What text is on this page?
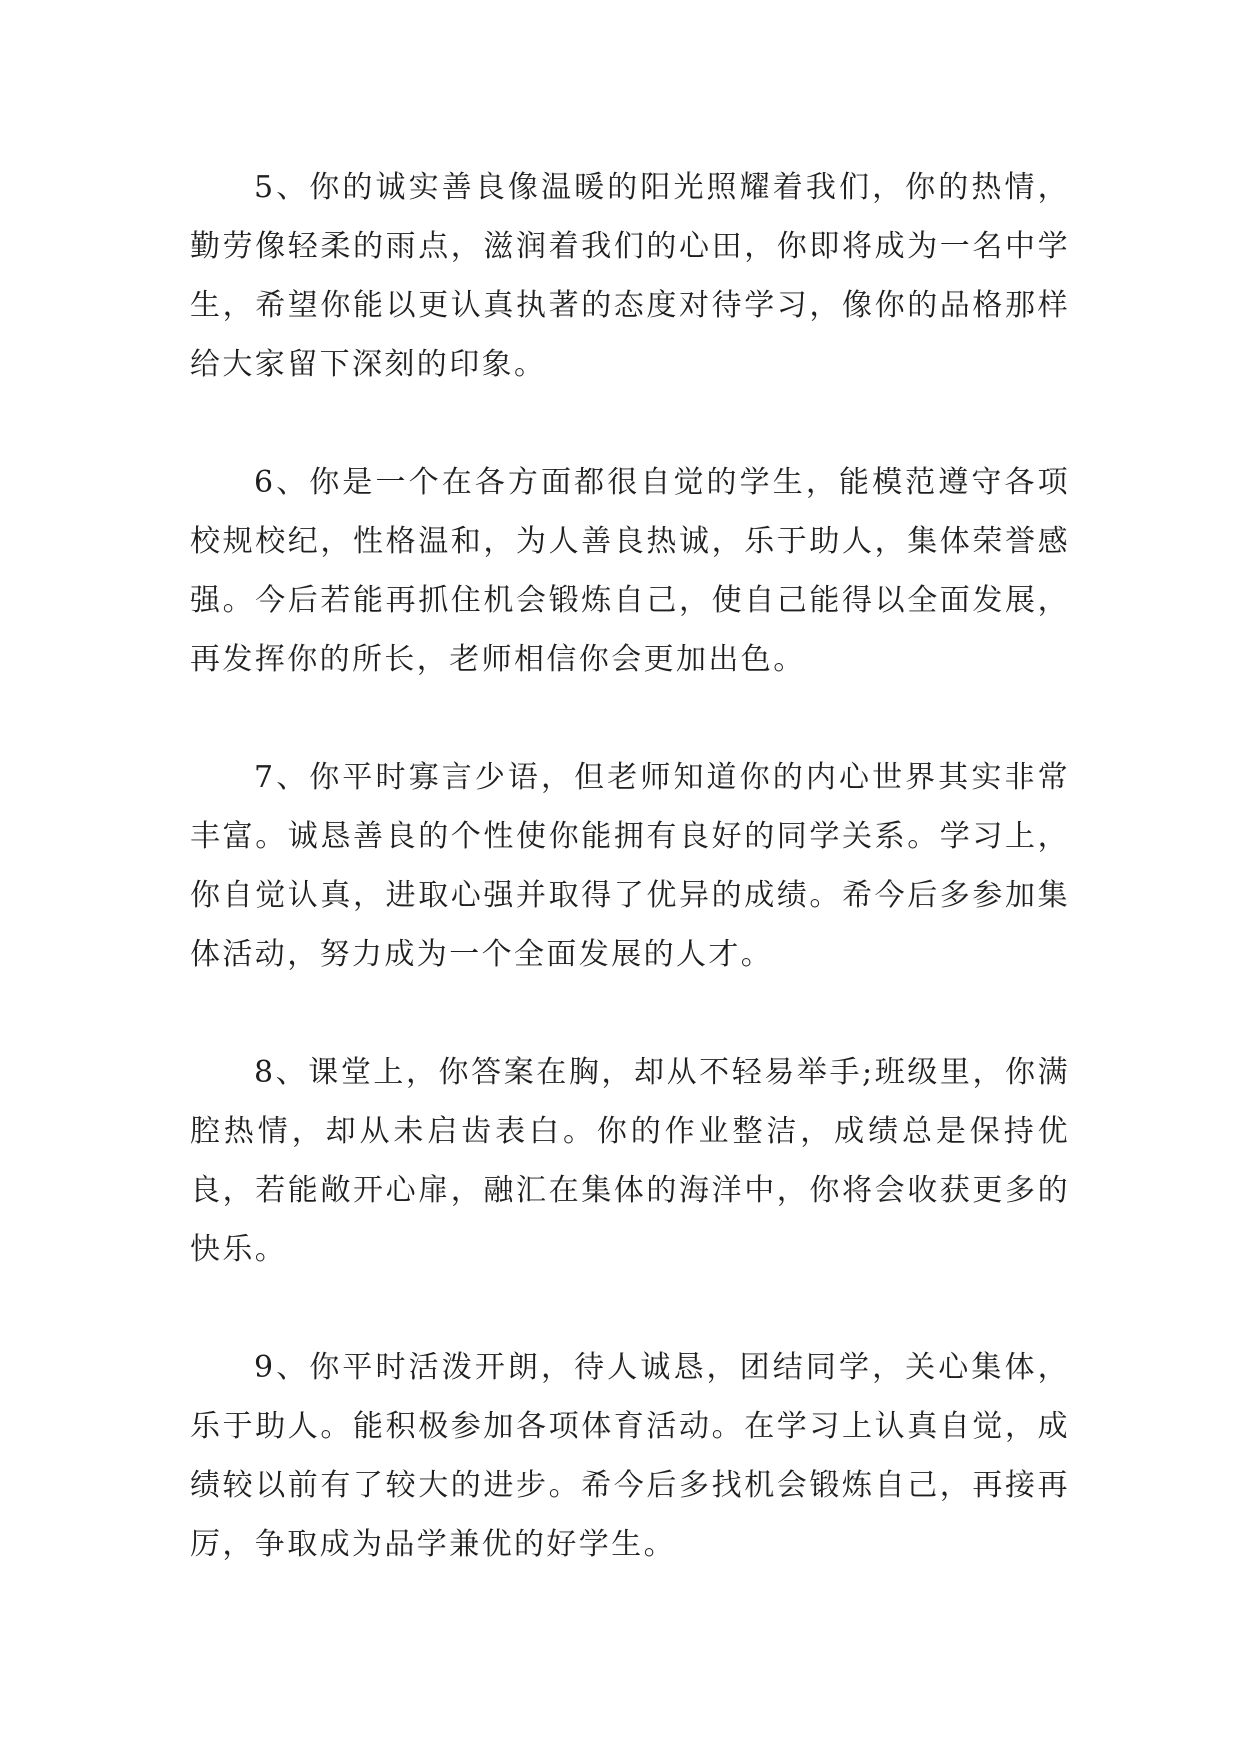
5、你的诚实善良像温暖的阳光照耀着我们，你的热情，勤劳像轻柔的雨点，滋润着我们的心田，你即将成为一名中学生，希望你能以更认真执著的态度对待学习，像你的品格那样给大家留下深刻的印象。

6、你是一个在各方面都很自觉的学生，能模范遵守各项校规校纪，性格温和，为人善良热诚，乐于助人，集体荣誉感强。今后若能再抓住机会锻炼自己，使自己能得以全面发展，再发挥你的所长，老师相信你会更加出色。

7、你平时寡言少语，但老师知道你的内心世界其实非常丰富。诚恳善良的个性使你能拥有良好的同学关系。学习上，你自觉认真，进取心强并取得了优异的成绩。希今后多参加集体活动，努力成为一个全面发展的人才。

8、课堂上，你答案在胸，却从不轻易举手;班级里，你满腔热情，却从未启齿表白。你的作业整洁，成绩总是保持优良，若能敞开心扉，融汇在集体的海洋中，你将会收获更多的快乐。

9、你平时活泼开朗，待人诚恳，团结同学，关心集体，乐于助人。能积极参加各项体育活动。在学习上认真自觉，成绩较以前有了较大的进步。希今后多找机会锻炼自己，再接再厉，争取成为品学兼优的好学生。
